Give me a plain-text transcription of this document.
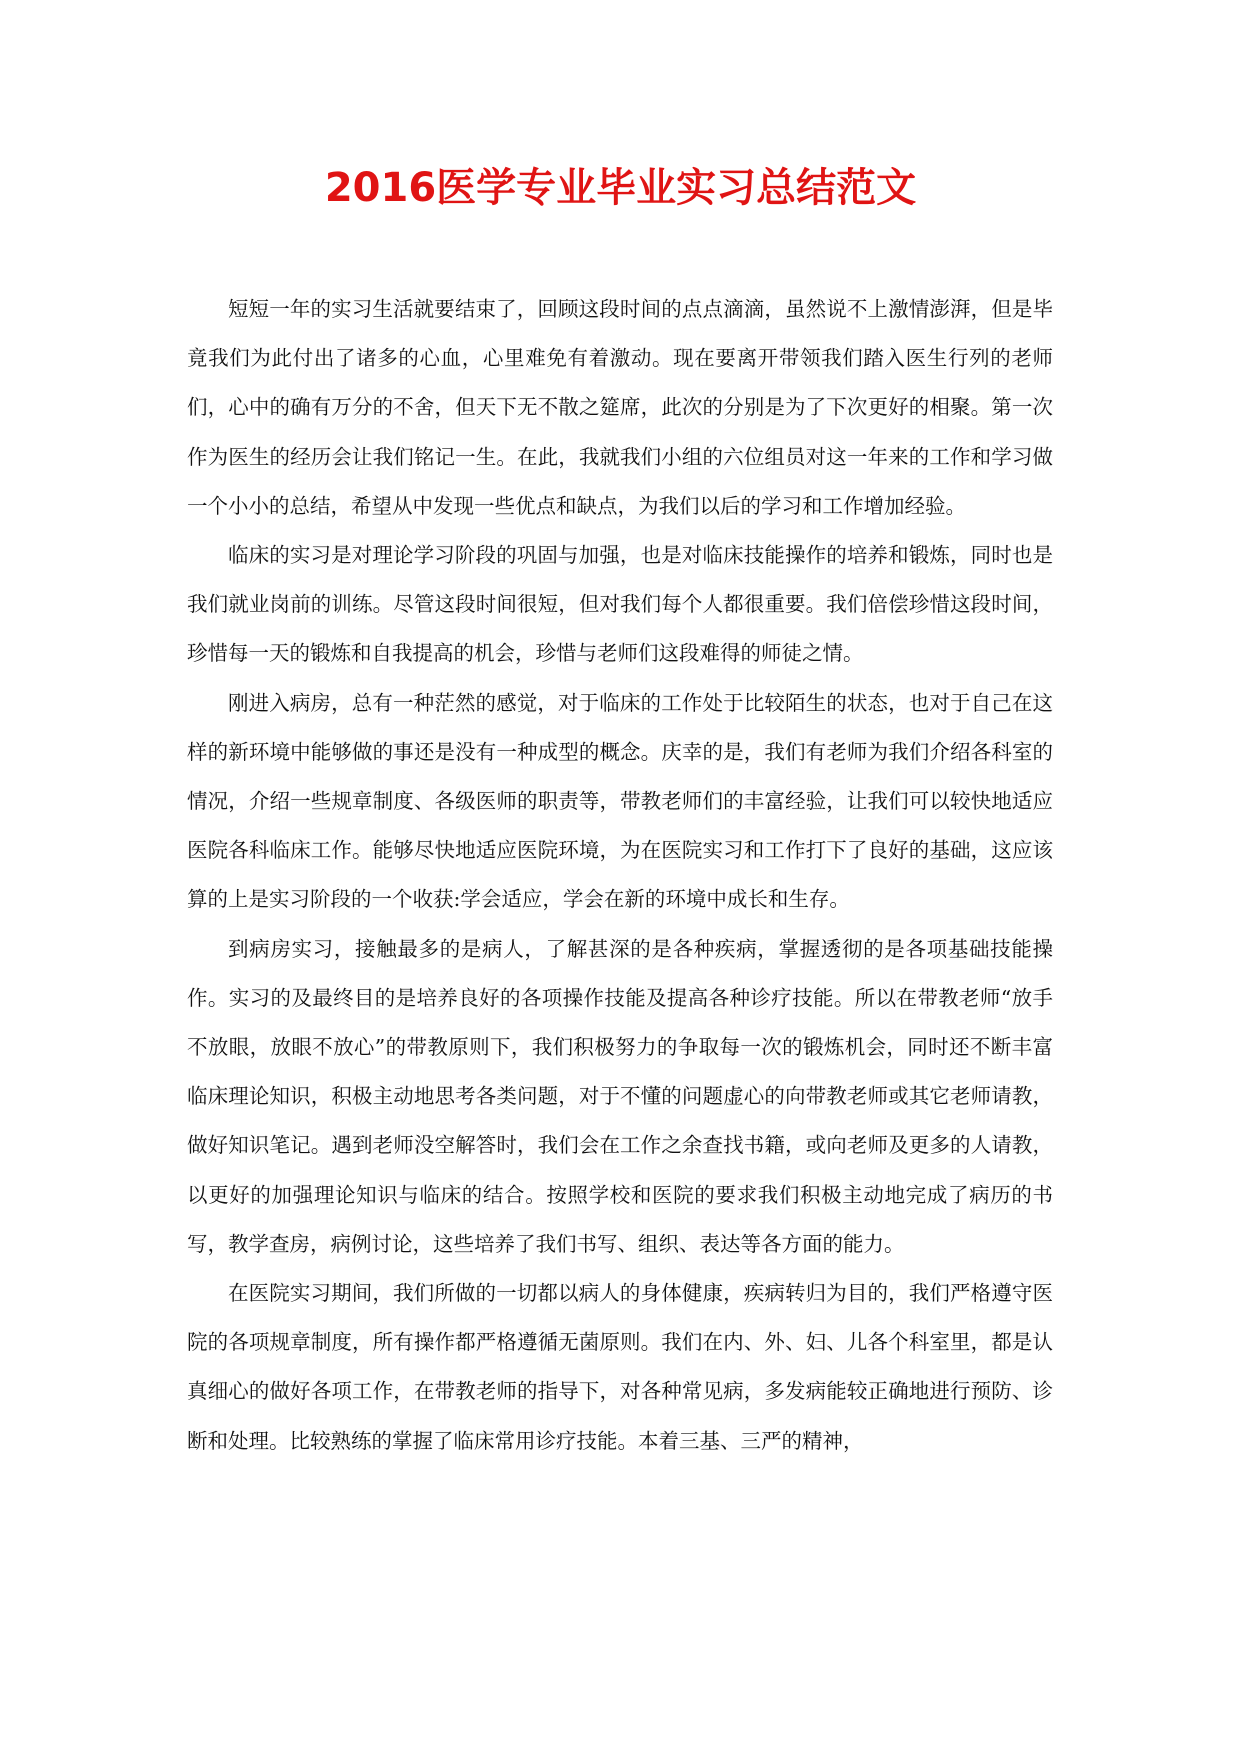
2016医学专业毕业实习总结范文

短短一年的实习生活就要结束了，回顾这段时间的点点滴滴，虽然说不上激情澎湃，但是毕竟我们为此付出了诸多的心血，心里难免有着激动。现在要离开带领我们踏入医生行列的老师们，心中的确有万分的不舍，但天下无不散之筵席，此次的分别是为了下次更好的相聚。第一次作为医生的经历会让我们铭记一生。在此，我就我们小组的六位组员对这一年来的工作和学习做一个小小的总结，希望从中发现一些优点和缺点，为我们以后的学习和工作增加经验。

临床的实习是对理论学习阶段的巩固与加强，也是对临床技能操作的培养和锻炼，同时也是我们就业岗前的训练。尽管这段时间很短，但对我们每个人都很重要。我们倍偿珍惜这段时间，珍惜每一天的锻炼和自我提高的机会，珍惜与老师们这段难得的师徒之情。

刚进入病房，总有一种茫然的感觉，对于临床的工作处于比较陌生的状态，也对于自己在这样的新环境中能够做的事还是没有一种成型的概念。庆幸的是，我们有老师为我们介绍各科室的情况，介绍一些规章制度、各级医师的职责等，带教老师们的丰富经验，让我们可以较快地适应医院各科临床工作。能够尽快地适应医院环境，为在医院实习和工作打下了良好的基础，这应该算的上是实习阶段的一个收获:学会适应，学会在新的环境中成长和生存。

到病房实习，接触最多的是病人，了解甚深的是各种疾病，掌握透彻的是各项基础技能操作。实习的及最终目的是培养良好的各项操作技能及提高各种诊疗技能。所以在带教老师“放手不放眼，放眼不放心”的带教原则下，我们积极努力的争取每一次的锻炼机会，同时还不断丰富临床理论知识，积极主动地思考各类问题，对于不懂的问题虚心的向带教老师或其它老师请教，做好知识笔记。遇到老师没空解答时，我们会在工作之余查找书籍，或向老师及更多的人请教，以更好的加强理论知识与临床的结合。按照学校和医院的要求我们积极主动地完成了病历的书写，教学查房，病例讨论，这些培养了我们书写、组织、表达等各方面的能力。

在医院实习期间，我们所做的一切都以病人的身体健康，疾病转归为目的，我们严格遵守医院的各项规章制度，所有操作都严格遵循无菌原则。我们在内、外、妇、儿各个科室里，都是认真细心的做好各项工作，在带教老师的指导下，对各种常见病，多发病能较正确地进行预防、诊断和处理。比较熟练的掌握了临床常用诊疗技能。本着三基、三严的精神，
